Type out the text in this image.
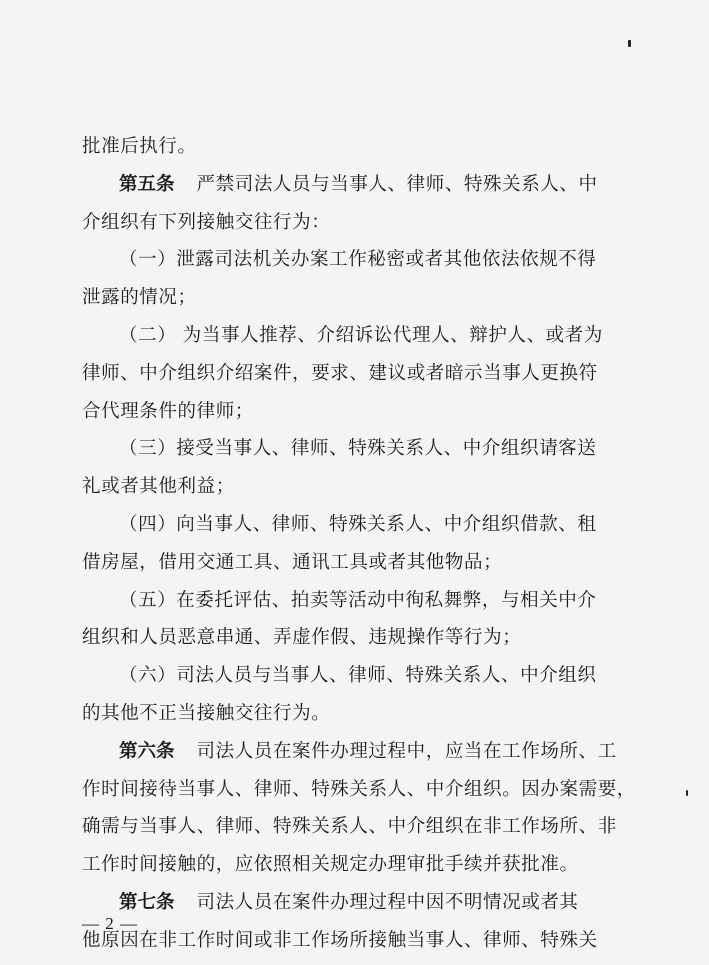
批准后执行。
第五条 严禁司法人员与当事人、律师、特殊关系人、中
介组织有下列接触交往行为：
（一）泄露司法机关办案工作秘密或者其他依法依规不得
泄露的情况；
（二） 为当事人推荐、介绍诉讼代理人、辩护人、或者为
律师、中介组织介绍案件，要求、建议或者暗示当事人更换符
合代理条件的律师；
（三）接受当事人、律师、特殊关系人、中介组织请客送
礼或者其他利益；
（四）向当事人、律师、特殊关系人、中介组织借款、租
借房屋，借用交通工具、通讯工具或者其他物品；
（五）在委托评估、拍卖等活动中徇私舞弊，与相关中介
组织和人员恶意串通、弄虚作假、违规操作等行为；
（六）司法人员与当事人、律师、特殊关系人、中介组织
的其他不正当接触交往行为。
第六条 司法人员在案件办理过程中，应当在工作场所、工
作时间接待当事人、律师、特殊关系人、中介组织。因办案需要，
确需与当事人、律师、特殊关系人、中介组织在非工作场所、非
工作时间接触的，应依照相关规定办理审批手续并获批准。
第七条 司法人员在案件办理过程中因不明情况或者其
他原因在非工作时间或非工作场所接触当事人、律师、特殊关
— 2 —
